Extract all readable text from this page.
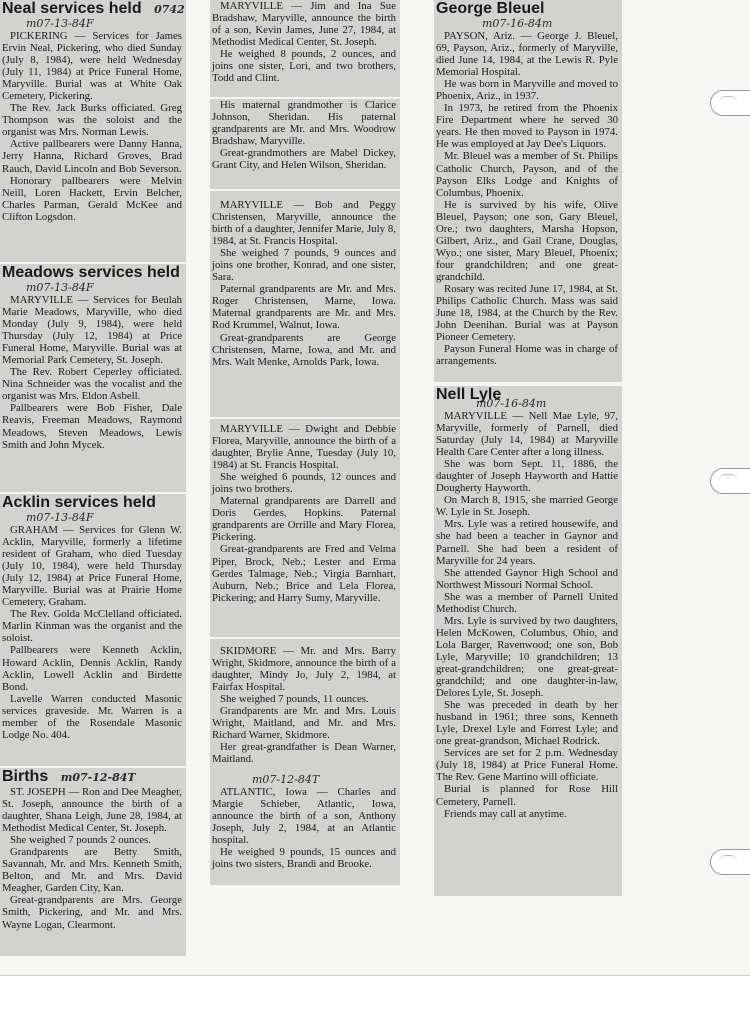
Neal services held 0742
m07-13-84F

PICKERING — Services for James Ervin Neal, Pickering, who died Sunday (July 8, 1984), were held Wednesday (July 11, 1984) at Price Funeral Home, Maryville. Burial was at White Oak Cemetery, Pickering.

The Rev. Jack Burks officiated. Greg Thompson was the soloist and the organist was Mrs. Norman Lewis.

Active pallbearers were Danny Hanna, Jerry Hanna, Richard Groves, Brad Rauch, David Lincoln and Bob Severson.

Honorary pallbearers were Melvin Neill, Loren Hackett, Ervin Belcher, Charles Parman, Gerald McKee and Clifton Logsdon.

Meadows services held
m07-13-84F

MARYVILLE — Services for Beulah Marie Meadows, Maryville, who died Monday (July 9, 1984), were held Thursday (July 12, 1984) at Price Funeral Home, Maryville. Burial was at Memorial Park Cemetery, St. Joseph.

The Rev. Robert Ceperley officiated. Nina Schneider was the vocalist and the organist was Mrs. Eldon Asbell.

Pallbearers were Bob Fisher, Dale Reavis, Freeman Meadows, Raymond Meadows, Steven Meadows, Lewis Smith and John Mycek.

Acklin services held
m07-13-84F

GRAHAM — Services for Glenn W. Acklin, Maryville, formerly a lifetime resident of Graham, who died Tuesday (July 10, 1984), were held Thursday (July 12, 1984) at Price Funeral Home, Maryville. Burial was at Prairie Home Cemetery, Graham.

The Rev. Golda McClelland officiated. Marlin Kinman was the organist and the soloist.

Pallbearers were Kenneth Acklin, Howard Acklin, Dennis Acklin, Randy Acklin, Lowell Acklin and Birdette Bond.

Lavelle Warren conducted Masonic services graveside. Mr. Warren is a member of the Rosendale Masonic Lodge No. 404.

Births m07-12-84T

ST. JOSEPH — Ron and Dee Meagher, St. Joseph, announce the birth of a daughter, Shana Leigh, June 28, 1984, at Methodist Medical Center, St. Joseph.

She weighed 7 pounds 2 ounces.

Grandparents are Betty Smith, Savannah, Mr. and Mrs. Kenneth Smith, Belton, and Mr. and Mrs. David Meagher, Garden City, Kan.

Great-grandparents are Mrs. George Smith, Pickering, and Mr. and Mrs. Wayne Logan, Clearmont.

MARYVILLE — Jim and Ina Sue Bradshaw, Maryville, announce the birth of a son, Kevin James, June 27, 1984, at Methodist Medical Center, St. Joseph.

He weighed 8 pounds, 2 ounces, and joins one sister, Lori, and two brothers, Todd and Clint.

His maternal grandmother is Clarice Johnson, Sheridan. His paternal grandparents are Mr. and Mrs. Woodrow Bradshaw, Maryville.

Great-grandmothers are Mabel Dickey, Grant City, and Helen Wilson, Sheridan.

MARYVILLE — Bob and Peggy Christensen, Maryville, announce the birth of a daughter, Jennifer Marie, July 8, 1984, at St. Francis Hospital.

She weighed 7 pounds, 9 ounces and joins one brother, Konrad, and one sister, Sara.

Paternal grandparents are Mr. and Mrs. Roger Christensen, Marne, Iowa. Maternal grandparents are Mr. and Mrs. Rod Krummel, Walnut, Iowa.

Great-grandparents are George Christensen, Marne, Iowa, and Mr. and Mrs. Walt Menke, Arnolds Park, Iowa.

MARYVILLE — Dwight and Debbie Florea, Maryville, announce the birth of a daughter, Brylie Anne, Tuesday (July 10, 1984) at St. Francis Hospital.

She weighed 6 pounds, 12 ounces and joins two brothers.

Maternal grandparents are Darrell and Doris Gerdes, Hopkins. Paternal grandparents are Orrille and Mary Florea, Pickering.

Great-grandparents are Fred and Velma Piper, Brock, Neb.; Lester and Erma Gerdes Talmage, Neb.; Virgia Barnhart, Auburn, Neb.; Brice and Lela Florea, Pickering; and Harry Sumy, Maryville.

SKIDMORE — Mr. and Mrs. Barry Wright, Skidmore, announce the birth of a daughter, Mindy Jo, July 2, 1984, at Fairfax Hospital.

She weighed 7 pounds, 11 ounces.

Grandparents are Mr. and Mrs. Louis Wright, Maitland, and Mr. and Mrs. Richard Warner, Skidmore.

Her great-grandfather is Dean Warner, Maitland.

m07-12-84T

ATLANTIC, Iowa — Charles and Margie Schieber, Atlantic, Iowa, announce the birth of a son, Anthony Joseph, July 2, 1984, at an Atlantic hospital.

He weighed 9 pounds, 15 ounces and joins two sisters, Brandi and Brooke.

George Bleuel
m07-16-84m

PAYSON, Ariz. — George J. Bleuel, 69, Payson, Ariz., formerly of Maryville, died June 14, 1984, at the Lewis R. Pyle Memorial Hospital.

He was born in Maryville and moved to Phoenix, Ariz., in 1937.

In 1973, he retired from the Phoenix Fire Department where he served 30 years. He then moved to Payson in 1974. He was employed at Jay Dee's Liquors.

Mr. Bleuel was a member of St. Philips Catholic Church, Payson, and of the Payson Elks Lodge and Knights of Columbus, Phoenix.

He is survived by his wife, Olive Bleuel, Payson; one son, Gary Bleuel, Ore.; two daughters, Marsha Hopson, Gilbert, Ariz., and Gail Crane, Douglas, Wyo.; one sister, Mary Bleuel, Phoenix; four grandchildren; and one great-grandchild.

Rosary was recited June 17, 1984, at St. Philips Catholic Church. Mass was said June 18, 1984, at the Church by the Rev. John Deenihan. Burial was at Payson Pioneer Cemetery.

Payson Funeral Home was in charge of arrangements.

Nell Lyle
m07-16-84m

MARYVILLE — Nell Mae Lyle, 97, Maryville, formerly of Parnell, died Saturday (July 14, 1984) at Maryville Health Care Center after a long illness.

She was born Sept. 11, 1886, the daughter of Joseph Hayworth and Hattie Dougherty Hayworth.

On March 8, 1915, she married George W. Lyle in St. Joseph.

Mrs. Lyle was a retired housewife, and she had been a teacher in Gaynor and Parnell. She had been a resident of Maryville for 24 years.

She attended Gaynor High School and Northwest Missouri Normal School.

She was a member of Parnell United Methodist Church.

Mrs. Lyle is survived by two daughters, Helen McKowen, Columbus, Ohio, and Lola Barger, Ravenwood; one son, Bob Lyle, Maryville; 10 grandchildren; 13 great-grandchildren; one great-great-grandchild; and one daughter-in-law, Delores Lyle, St. Joseph.

She was preceded in death by her husband in 1961; three sons, Kenneth Lyle, Drexel Lyle and Forrest Lyle; and one great-grandson, Michael Rodrick.

Services are set for 2 p.m. Wednesday (July 18, 1984) at Price Funeral Home. The Rev. Gene Martino will officiate.

Burial is planned for Rose Hill Cemetery, Parnell.

Friends may call at anytime.
